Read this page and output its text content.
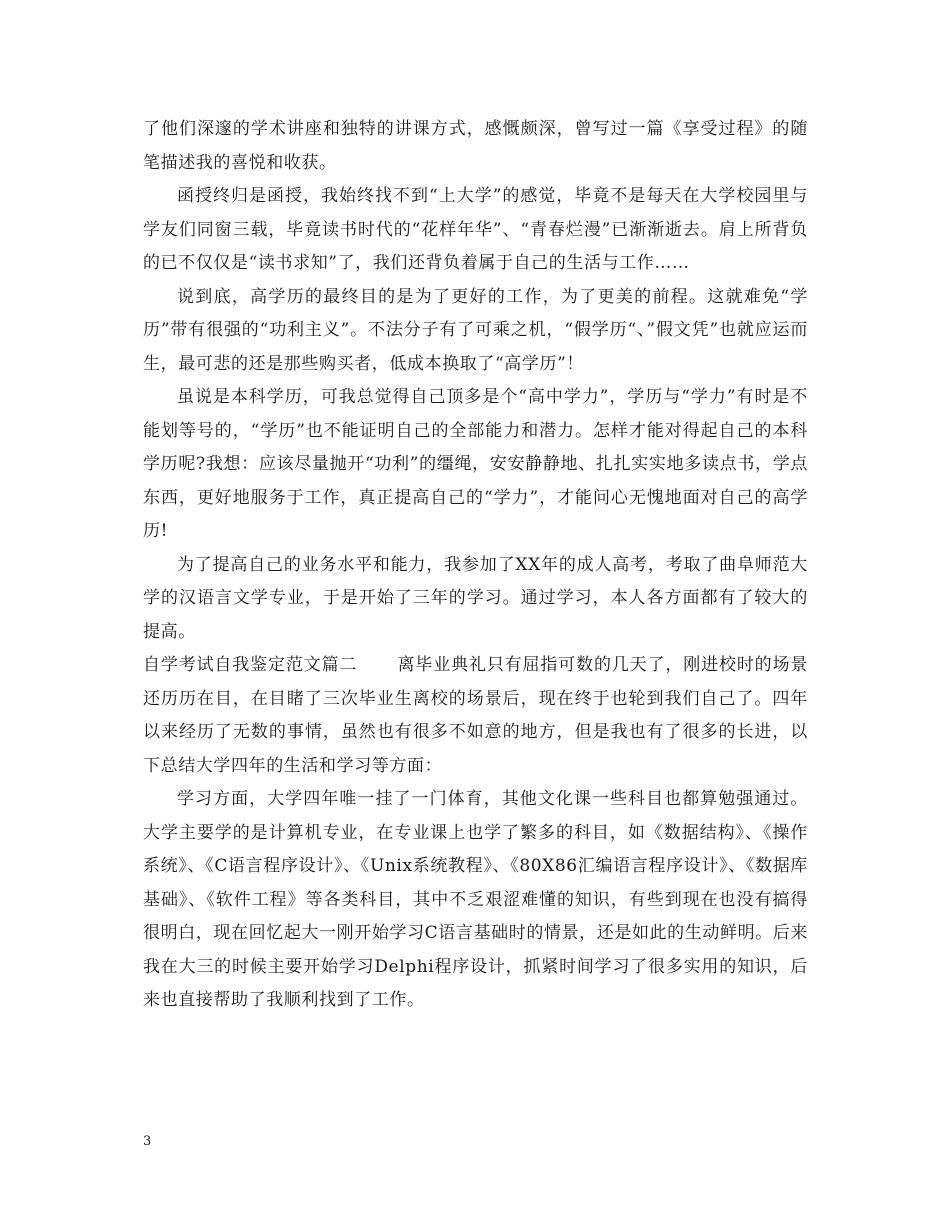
了他们深邃的学术讲座和独特的讲课方式，感慨颇深，曾写过一篇《享受过程》的随笔描述我的喜悦和收获。

函授终归是函授，我始终找不到“上大学”的感觉，毕竟不是每天在大学校园里与学友们同窗三载，毕竟读书时代的“花样年华”、“青春烂漫”已渐渐逝去。肩上所背负的已不仅仅是“读书求知”了，我们还背负着属于自己的生活与工作……

说到底，高学历的最终目的是为了更好的工作，为了更美的前程。这就难免“学历”带有很强的“功利主义”。不法分子有了可乘之机，“假学历“、”假文凭”也就应运而生，最可悲的还是那些购买者，低成本换取了“高学历”！

虽说是本科学历，可我总觉得自己顶多是个“高中学力”，学历与“学力”有时是不能划等号的，“学历”也不能证明自己的全部能力和潜力。怎样才能对得起自己的本科学历呢?我想：应该尽量抛开“功利”的缰绳，安安静静地、扎扎实实地多读点书，学点东西，更好地服务于工作，真正提高自己的“学力”，才能问心无愧地面对自己的高学历!

为了提高自己的业务水平和能力，我参加了XX年的成人高考，考取了曲阜师范大学的汉语言文学专业，于是开始了三年的学习。通过学习，本人各方面都有了较大的提高。

自学考试自我鉴定范文篇二 离毕业典礼只有屈指可数的几天了，刚进校时的场景还历历在目，在目睹了三次毕业生离校的场景后，现在终于也轮到我们自己了。四年以来经历了无数的事情，虽然也有很多不如意的地方，但是我也有了很多的长进，以下总结大学四年的生活和学习等方面：

学习方面，大学四年唯一挂了一门体育，其他文化课一些科目也都算勉强通过。大学主要学的是计算机专业，在专业课上也学了繁多的科目，如《数据结构》、《操作系统》、《C语言程序设计》、《Unix系统教程》、《80X86汇编语言程序设计》、《数据库基础》、《软件工程》等各类科目，其中不乏艰涩难懂的知识，有些到现在也没有搞得很明白，现在回忆起大一刚开始学习C语言基础时的情景，还是如此的生动鲜明。后来我在大三的时候主要开始学习Delphi程序设计，抓紧时间学习了很多实用的知识，后来也直接帮助了我顺利找到了工作。

3
